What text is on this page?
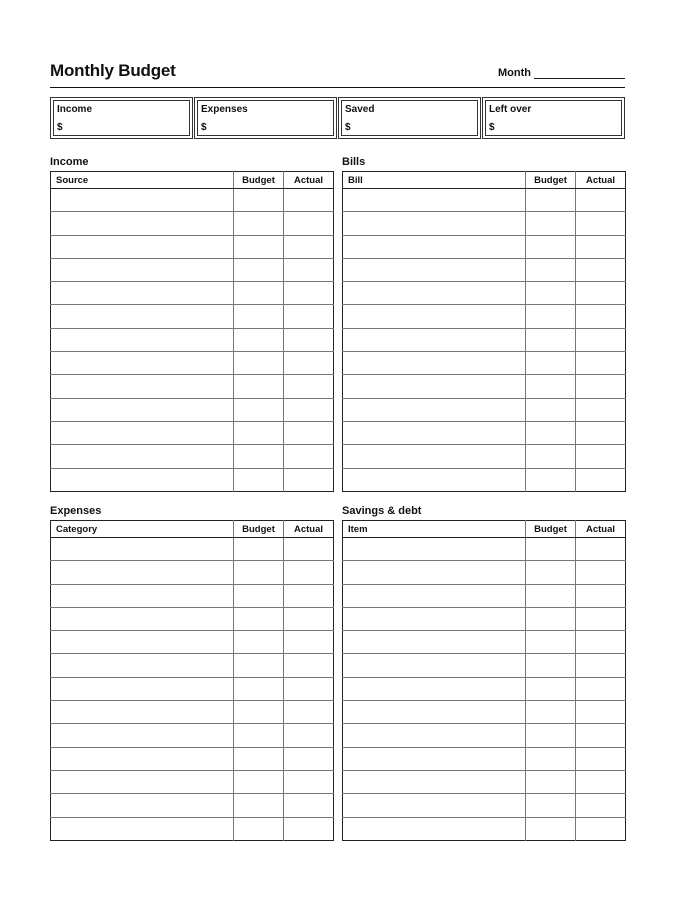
Monthly Budget	Month
Income
$
Expenses
$
Saved
$
Left over
$
Income	Bills
Expenses	Savings & debt
Source	Budget	Actual

			Bill	Budget	Actual

Category	Budget	Actual

			Item	Budget	Actual
